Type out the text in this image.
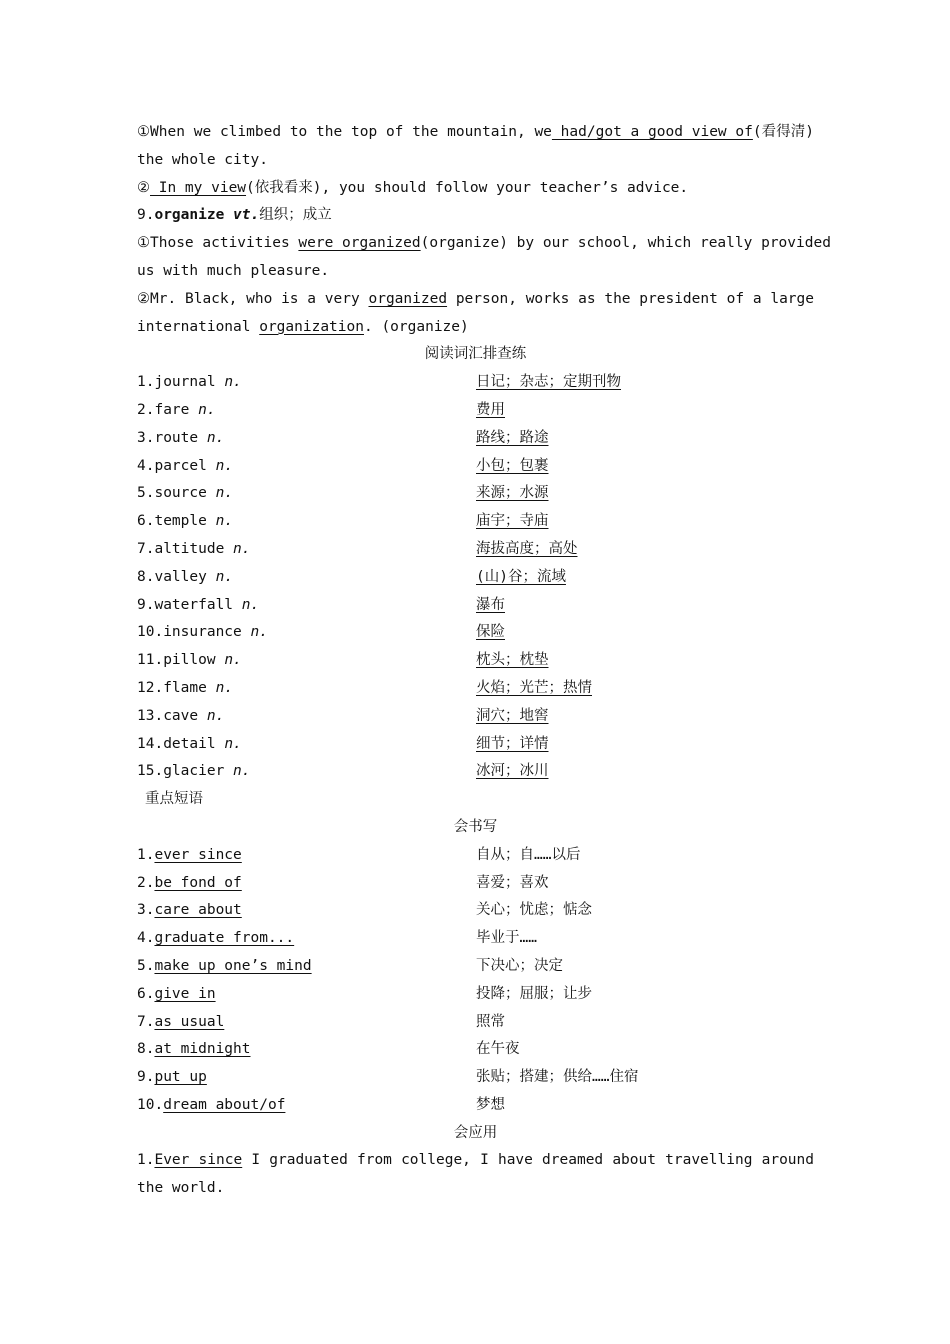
①When we climbed to the top of the mountain, we had/got a good view of(看得清)
the whole city.
② In my view(依我看来), you should follow your teacher’s advice.
9.organize vt.组织；成立
①Those activities were organized(organize) by our school, which really provided
us with much pleasure.
②Mr. Black, who is a very organized person, works as the president of a large
international organization. (organize)
阅读词汇排查练
1.journal n.	日记；杂志；定期刊物
2.fare n.	费用
3.route n.	路线；路途
4.parcel n.	小包；包裹
5.source n.	来源；水源
6.temple n.	庙宇；寺庙
7.altitude n.	海拔高度；高处
8.valley n.	(山)谷；流域
9.waterfall n.	瀑布
10.insurance n.	保险
11.pillow n.	枕头；枕垫
12.flame n.	火焰；光芒；热情
13.cave n.	洞穴；地窖
14.detail n.	细节；详情
15.glacier n.	冰河；冰川
重点短语
会书写
1.ever since	自从；自……以后
2.be fond of	喜爱；喜欢
3.care about	关心；忧虑；惦念
4.graduate from...	毕业于……
5.make up one’s mind	下决心；决定
6.give in	投降；屈服；让步
7.as usual	照常
8.at midnight	在午夜
9.put up	张贴；搭建；供给……住宿
10.dream about/of	梦想
会应用
1.Ever since I graduated from college, I have dreamed about travelling around
the world.
